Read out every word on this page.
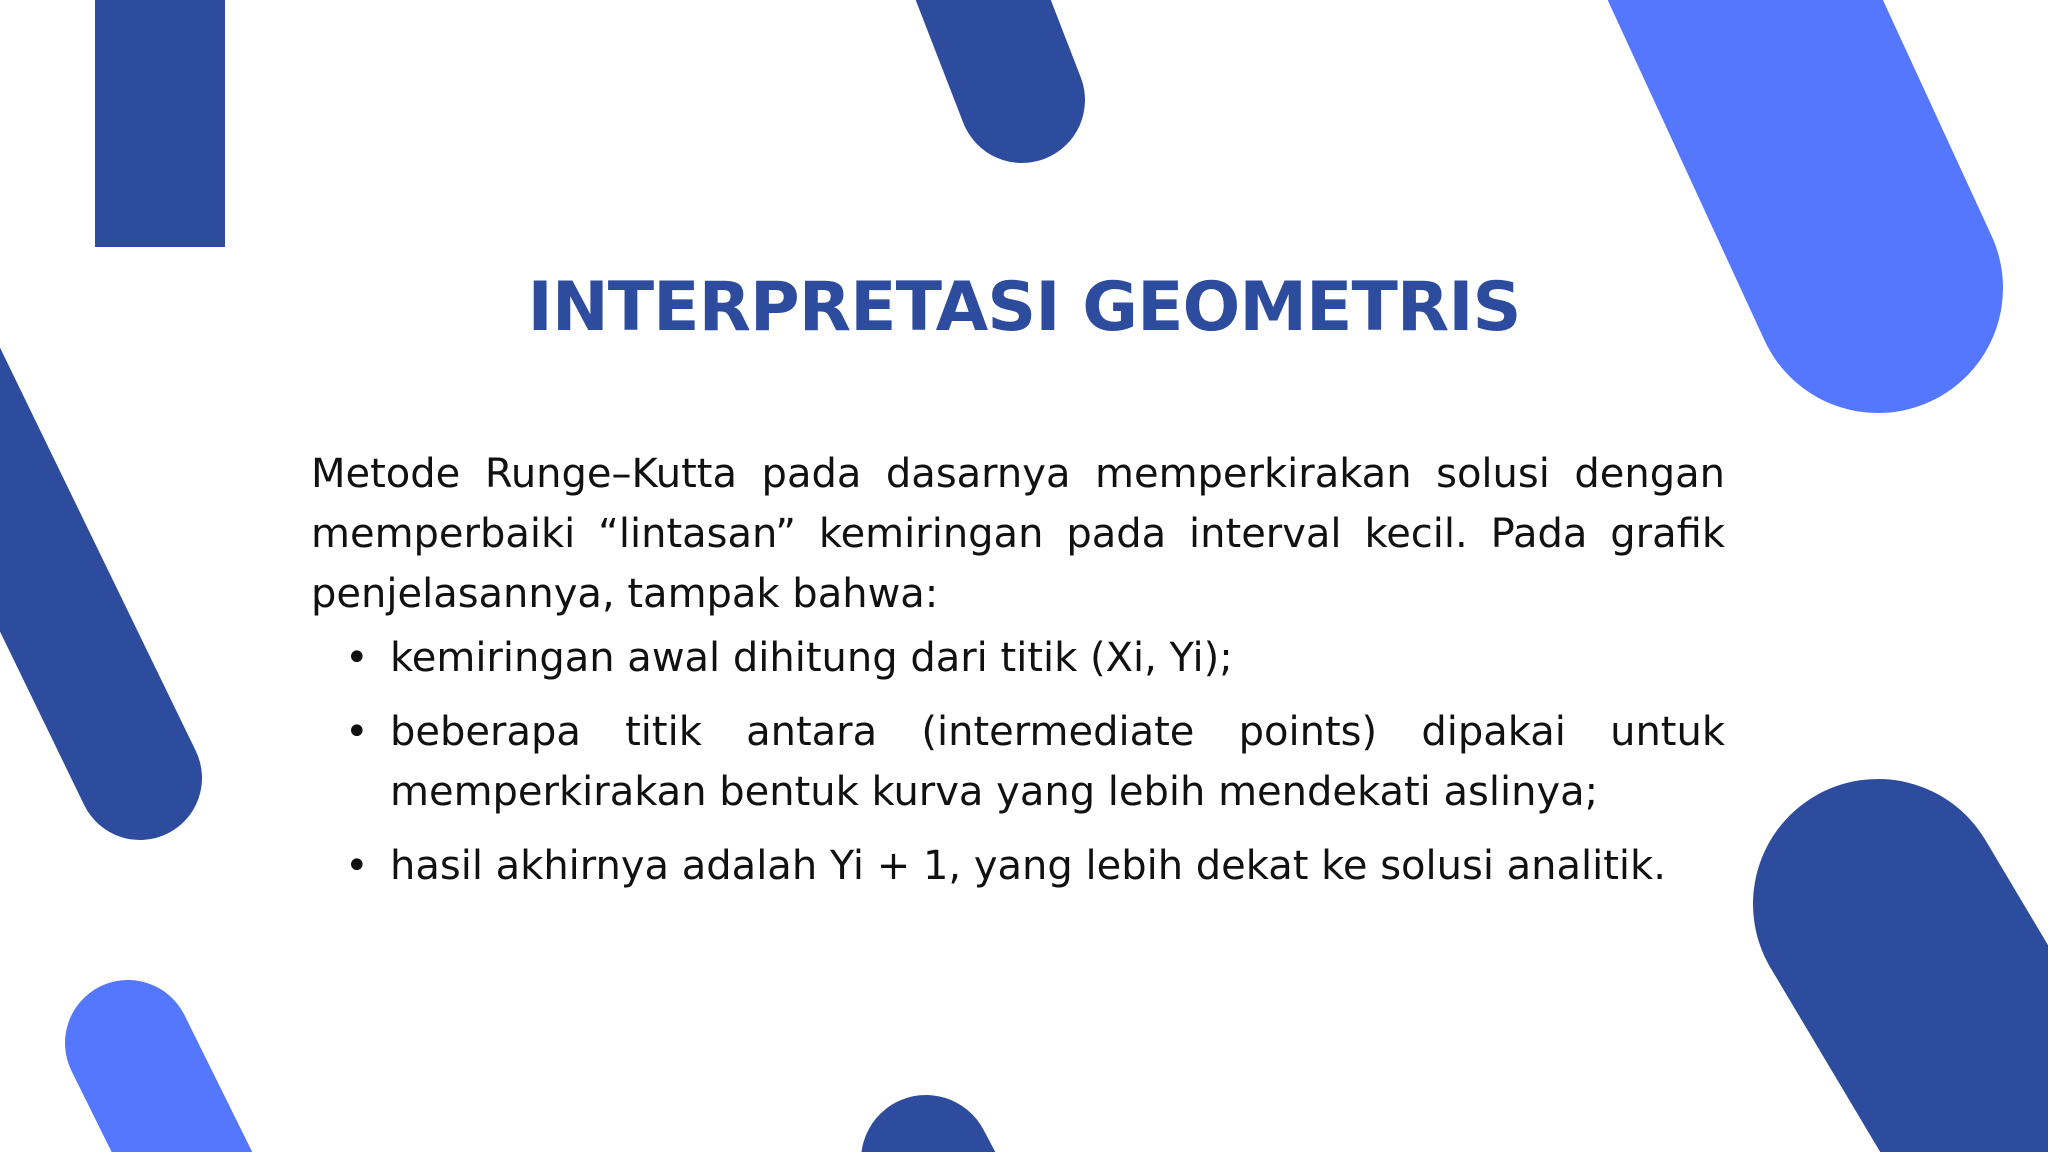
INTERPRETASI GEOMETRIS

Metode Runge–Kutta pada dasarnya memperkirakan solusi dengan memperbaiki “lintasan” kemiringan pada interval kecil. Pada grafik penjelasannya, tampak bahwa:

• kemiringan awal dihitung dari titik (Xi, Yi);
• beberapa titik antara (intermediate points) dipakai untuk memperkirakan bentuk kurva yang lebih mendekati aslinya;
• hasil akhirnya adalah Yi + 1, yang lebih dekat ke solusi analitik.
